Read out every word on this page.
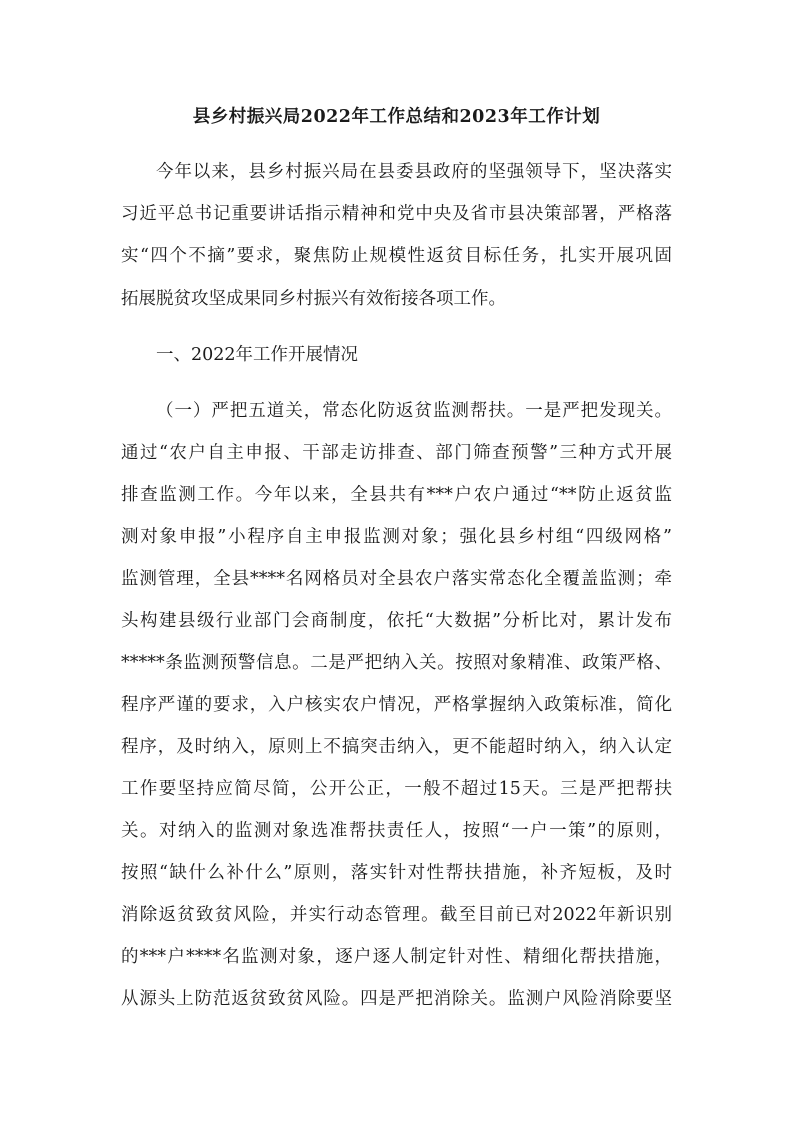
县乡村振兴局2022年工作总结和2023年工作计划
今年以来，县乡村振兴局在县委县政府的坚强领导下，坚决落实
习近平总书记重要讲话指示精神和党中央及省市县决策部署，严格落
实“四个不摘”要求，聚焦防止规模性返贫目标任务，扎实开展巩固
拓展脱贫攻坚成果同乡村振兴有效衔接各项工作。
一、2022年工作开展情况
（一）严把五道关，常态化防返贫监测帮扶。一是严把发现关。
通过“农户自主申报、干部走访排查、部门筛查预警”三种方式开展
排查监测工作。今年以来，全县共有***户农户通过“**防止返贫监
测对象申报”小程序自主申报监测对象；强化县乡村组“四级网格”
监测管理，全县****名网格员对全县农户落实常态化全覆盖监测；牵
头构建县级行业部门会商制度，依托“大数据”分析比对，累计发布
*****条监测预警信息。二是严把纳入关。按照对象精准、政策严格、
程序严谨的要求，入户核实农户情况，严格掌握纳入政策标准，简化
程序，及时纳入，原则上不搞突击纳入，更不能超时纳入，纳入认定
工作要坚持应简尽简，公开公正，一般不超过15天。三是严把帮扶
关。对纳入的监测对象选准帮扶责任人，按照“一户一策”的原则，
按照“缺什么补什么”原则，落实针对性帮扶措施，补齐短板，及时
消除返贫致贫风险，并实行动态管理。截至目前已对2022年新识别
的***户****名监测对象，逐户逐人制定针对性、精细化帮扶措施，
从源头上防范返贫致贫风险。四是严把消除关。监测户风险消除要坚
